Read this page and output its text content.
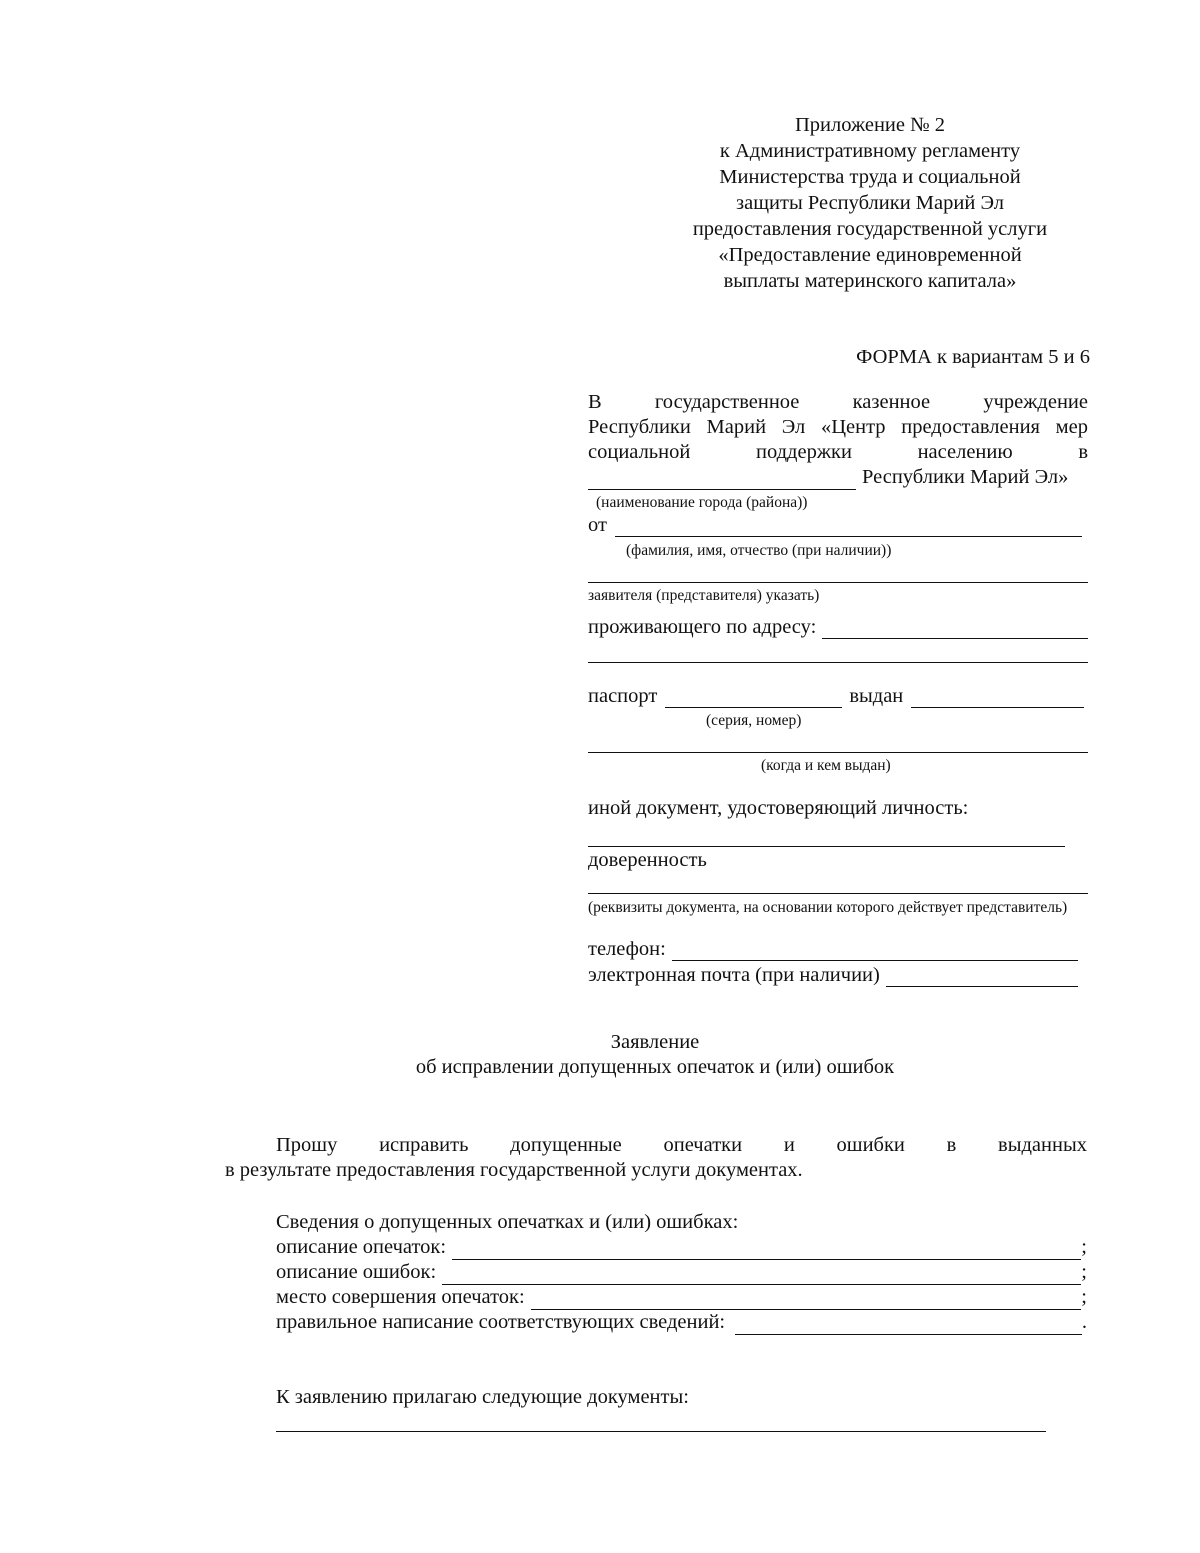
Приложение № 2
к Административному регламенту
Министерства труда и социальной
защиты Республики Марий Эл
предоставления государственной услуги
«Предоставление единовременной
выплаты материнского капитала»
ФОРМА к вариантам 5 и 6
В государственное казенное учреждение
Республики Марий Эл «Центр предоставления мер
социальной поддержки населению в
Республики Марий Эл»
(наименование города (района))
от
(фамилия, имя, отчество (при наличии))
заявителя (представителя) указать)
проживающего по адресу:
паспорт	выдан
(серия, номер)
(когда и кем выдан)
иной документ, удостоверяющий личность:
доверенность
(реквизиты документа, на основании которого действует представитель)
телефон:
электронная почта (при наличии)
Заявление
об исправлении допущенных опечаток и (или) ошибок
Прошу исправить допущенные опечатки и ошибки в выданных
в результате предоставления государственной услуги документах.
Сведения о допущенных опечатках и (или) ошибках:
описание опечаток:	;
описание ошибок:	;
место совершения опечаток:	;
правильное написание соответствующих сведений:	.
К заявлению прилагаю следующие документы:
